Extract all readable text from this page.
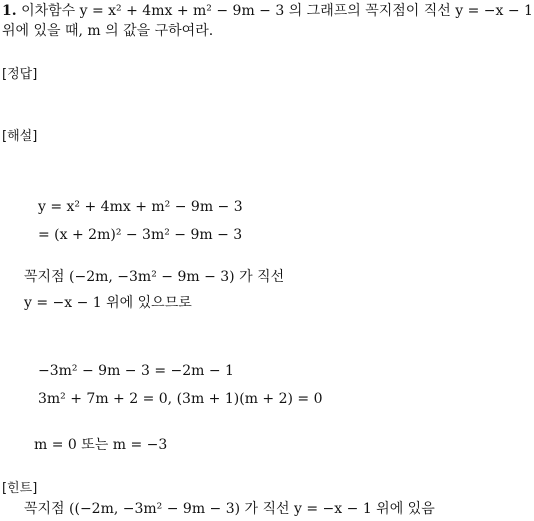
1. 이차함수 y = x² + 4mx + m² − 9m − 3 의 그래프의 꼭지점이 직선 y = −x − 1
위에 있을 때, m 의 값을 구하여라.
[정답]
[해설]
y = x² + 4mx + m² − 9m − 3
= (x + 2m)² − 3m² − 9m − 3
꼭지점 (−2m, −3m² − 9m − 3) 가 직선
y = −x − 1 위에 있으므로
−3m² − 9m − 3 = −2m − 1
3m² + 7m + 2 = 0, (3m + 1)(m + 2) = 0
m = 0 또는 m = −3
[힌트]
꼭지점 ((−2m, −3m² − 9m − 3) 가 직선 y = −x − 1 위에 있음
